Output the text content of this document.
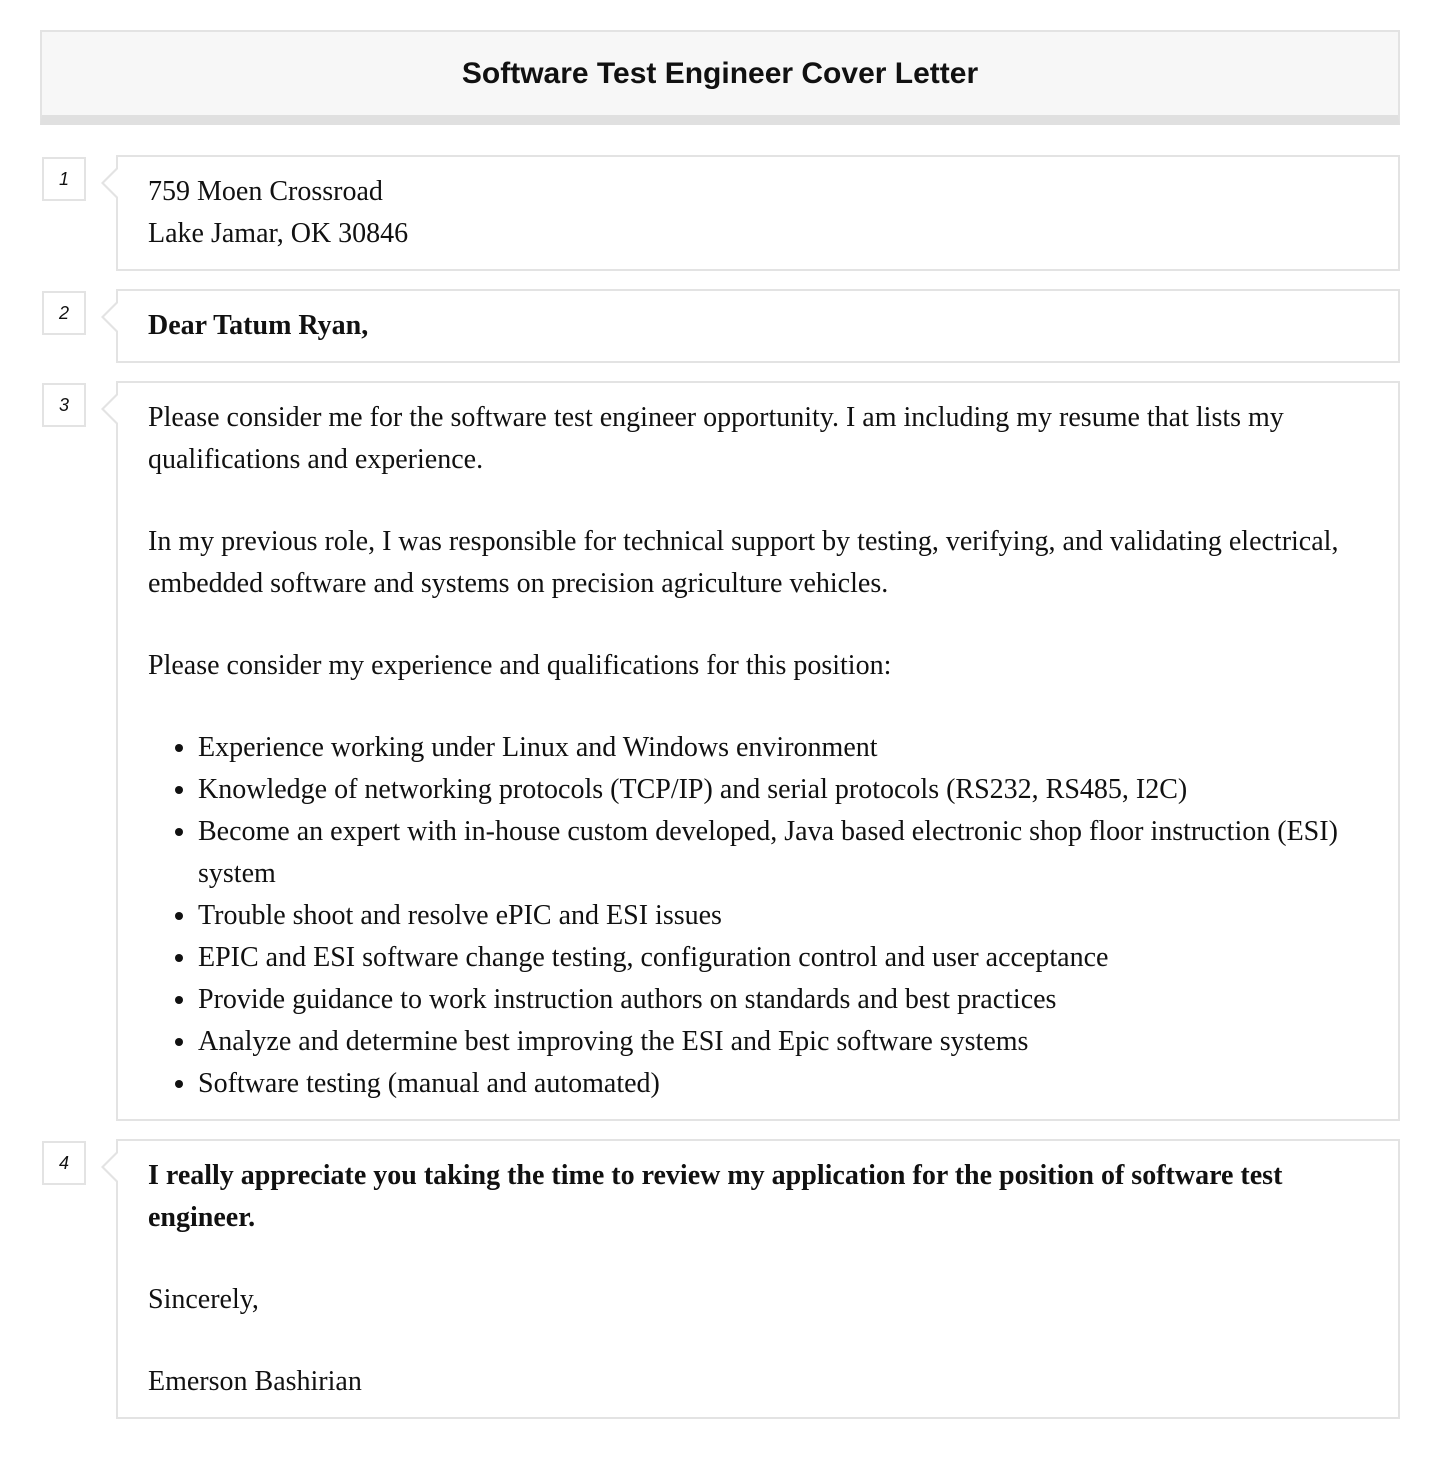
Software Test Engineer Cover Letter
1	759 Moen Crossroad

Lake Jamar, OK 30846

2	Dear Tatum Ryan,

3	Please consider me for the software test engineer opportunity. I am including my resume that lists my qualifications and experience.

In my previous role, I was responsible for technical support by testing, verifying, and validating electrical, embedded software and systems on precision agriculture vehicles.

Please consider my experience and qualifications for this position:

• Experience working under Linux and Windows environment
• Knowledge of networking protocols (TCP/IP) and serial protocols (RS232, RS485, I2C)
• Become an expert with in-house custom developed, Java based electronic shop floor instruction (ESI) system
• Trouble shoot and resolve ePIC and ESI issues
• EPIC and ESI software change testing, configuration control and user acceptance
• Provide guidance to work instruction authors on standards and best practices
• Analyze and determine best improving the ESI and Epic software systems
• Software testing (manual and automated)
4	I really appreciate you taking the time to review my application for the position of software test engineer.

Sincerely,

Emerson Bashirian
